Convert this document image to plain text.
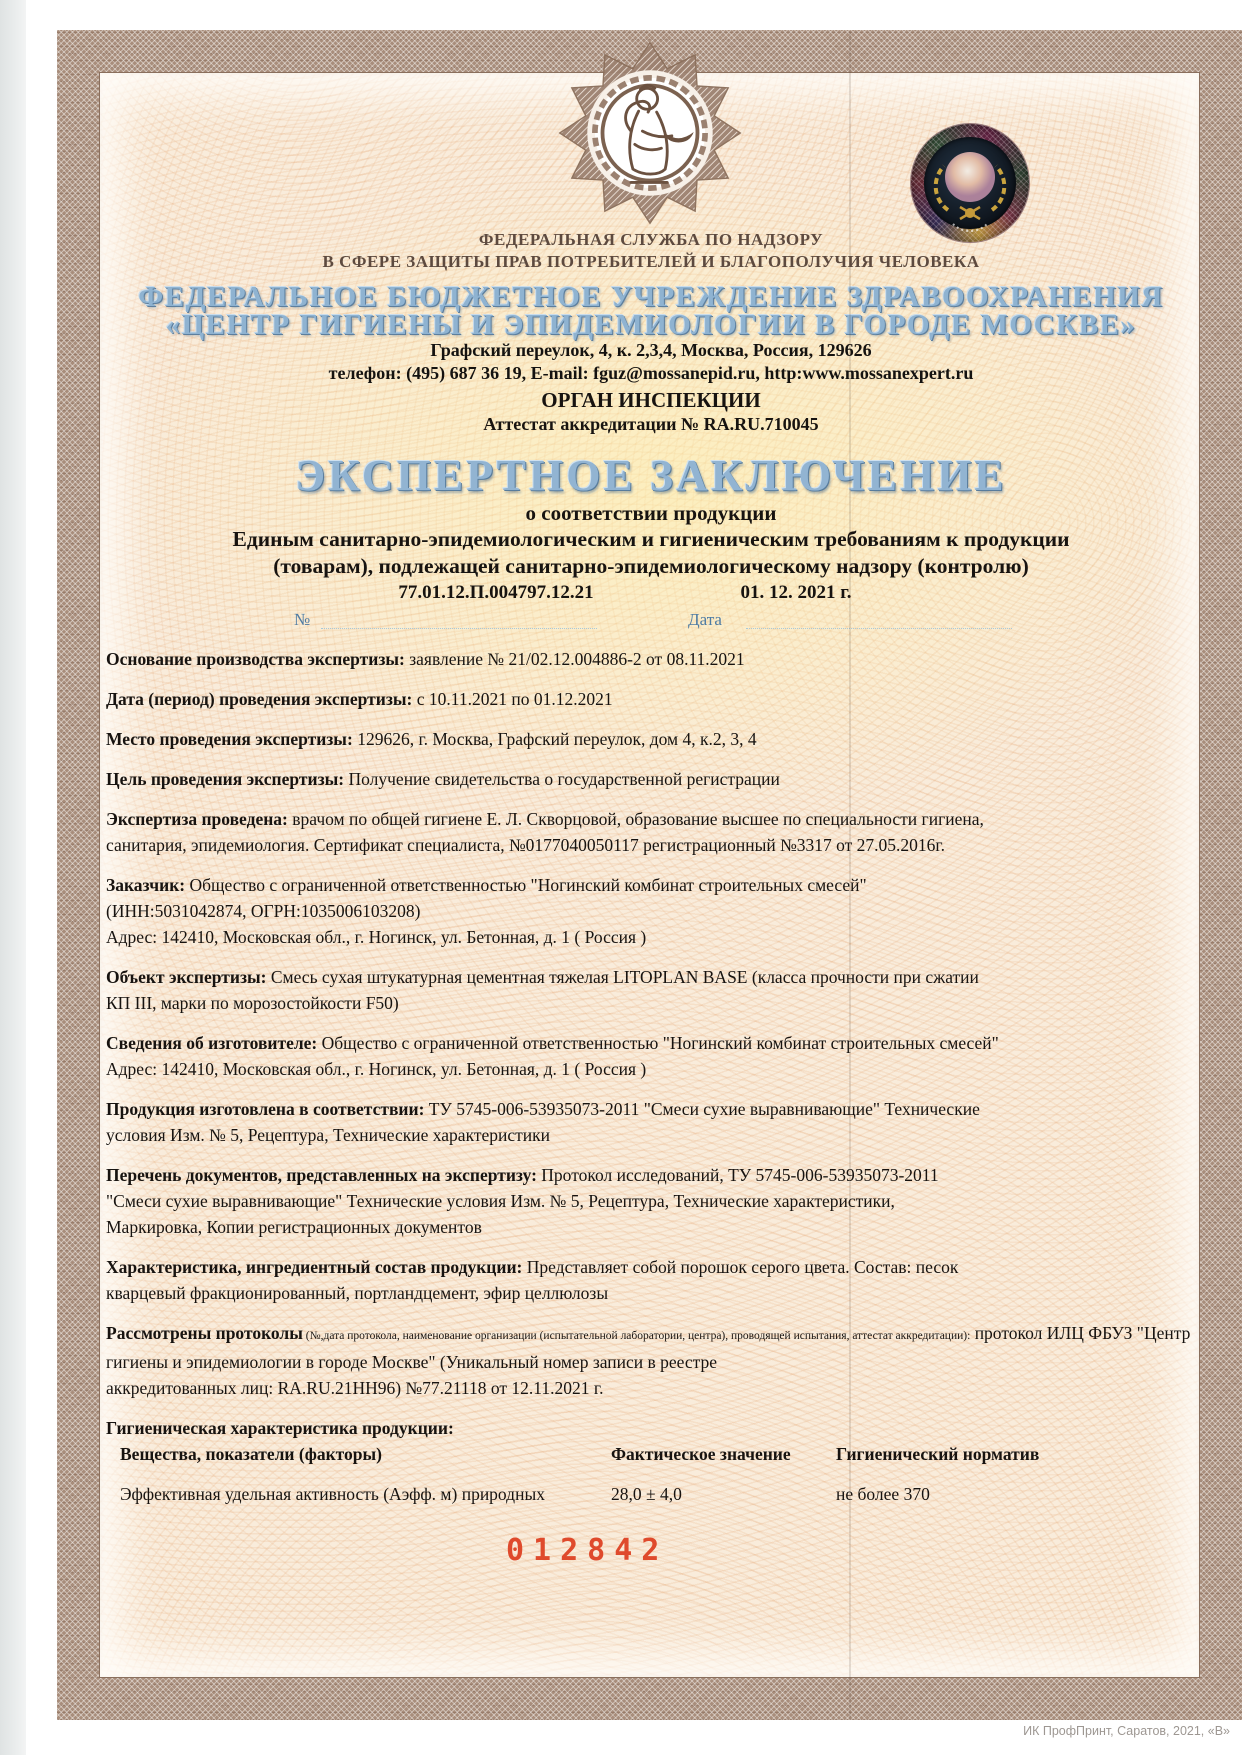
ФЕДЕРАЛЬНАЯ СЛУЖБА ПО НАДЗОРУ
В СФЕРЕ ЗАЩИТЫ ПРАВ ПОТРЕБИТЕЛЕЙ И БЛАГОПОЛУЧИЯ ЧЕЛОВЕКА
ФЕДЕРАЛЬНОЕ БЮДЖЕТНОЕ УЧРЕЖДЕНИЕ ЗДРАВООХРАНЕНИЯ
«ЦЕНТР ГИГИЕНЫ И ЭПИДЕМИОЛОГИИ В ГОРОДЕ МОСКВЕ»
Графский переулок, 4, к. 2,3,4, Москва, Россия, 129626
телефон: (495) 687 36 19, E-mail: fguz@mossanepid.ru, http:www.mossanexpert.ru
ОРГАН ИНСПЕКЦИИ
Аттестат аккредитации № RA.RU.710045
ЭКСПЕРТНОЕ ЗАКЛЮЧЕНИЕ
о соответствии продукции
Единым санитарно-эпидемиологическим и гигиеническим требованиям к продукции
(товарам), подлежащей санитарно-эпидемиологическому надзору (контролю)
77.01.12.П.004797.12.21	01. 12. 2021 г.
№	Дата
Основание производства экспертизы: заявление № 21/02.12.004886-2 от 08.11.2021
Дата (период) проведения экспертизы: с 10.11.2021 по 01.12.2021
Место проведения экспертизы: 129626, г. Москва, Графский переулок, дом 4, к.2, 3, 4
Цель проведения экспертизы: Получение свидетельства о государственной регистрации
Экспертиза проведена: врачом по общей гигиене Е. Л. Скворцовой, образование высшее по специальности гигиена,
санитария, эпидемиология. Сертификат специалиста, №0177040050117 регистрационный №3317 от 27.05.2016г.
Заказчик: Общество с ограниченной ответственностью "Ногинский комбинат строительных смесей"
(ИНН:5031042874, ОГРН:1035006103208)
Адрес: 142410, Московская обл., г. Ногинск, ул. Бетонная, д. 1 ( Россия )
Объект экспертизы: Смесь сухая штукатурная цементная тяжелая LITOPLAN BASE (класса прочности при сжатии
КП III, марки по морозостойкости F50)
Сведения об изготовителе: Общество с ограниченной ответственностью "Ногинский комбинат строительных смесей"
Адрес: 142410, Московская обл., г. Ногинск, ул. Бетонная, д. 1 ( Россия )
Продукция изготовлена в соответствии: ТУ 5745-006-53935073-2011 "Смеси сухие выравнивающие" Технические
условия Изм. № 5, Рецептура, Технические характеристики
Перечень документов, представленных на экспертизу: Протокол исследований, ТУ 5745-006-53935073-2011
"Смеси сухие выравнивающие" Технические условия Изм. № 5, Рецептура, Технические характеристики,
Маркировка, Копии регистрационных документов
Характеристика, ингредиентный состав продукции: Представляет собой порошок серого цвета. Состав: песок
кварцевый фракционированный, портландцемент, эфир целлюлозы
Рассмотрены протоколы (№,дата протокола, наименование организации (испытательной лаборатории, центра), проводящей испытания, аттестат аккредитации): протокол ИЛЦ ФБУЗ "Центр гигиены и эпидемиологии в городе Москве" (Уникальный номер записи в реестре
аккредитованных лиц: RA.RU.21НН96) №77.21118 от 12.11.2021 г.
Гигиеническая характеристика продукции:
Вещества, показатели (факторы)	Фактическое значение	Гигиенический норматив
Эффективная удельная активность (Аэфф. м) природных	28,0 ± 4,0	не более 370
012842
ИК ПрофПринт, Саратов, 2021, «В»
